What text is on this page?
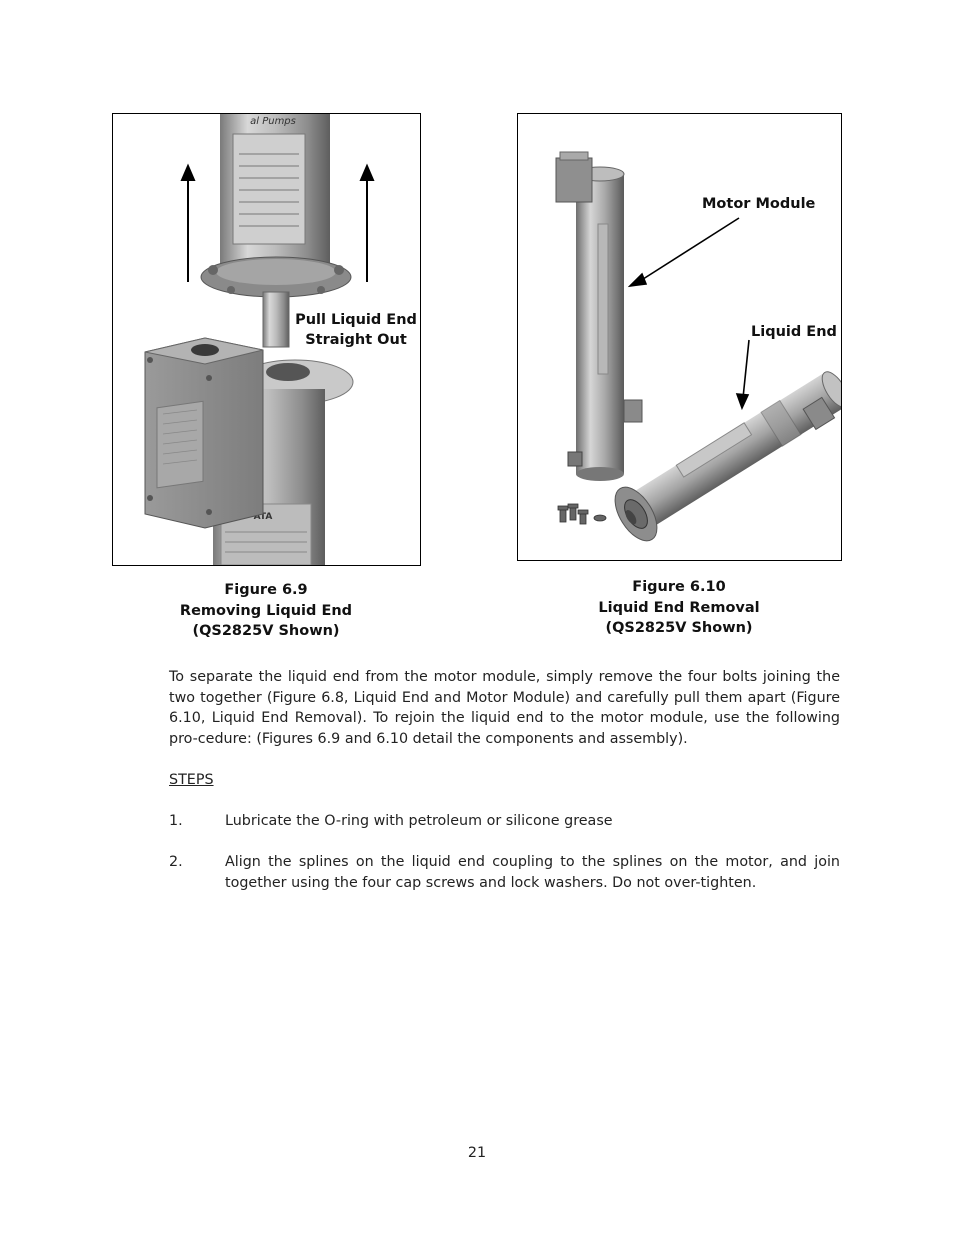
al Pumps
ATA
Pull Liquid End
Straight Out
Figure 6.9
Removing Liquid End
(QS2825V Shown)
Motor Module
Liquid End
Figure 6.10
Liquid End Removal
(QS2825V Shown)
To separate the liquid end from the motor module, simply remove the four bolts joining the two together (Figure 6.8, Liquid End and Motor Module) and carefully pull them apart (Figure 6.10, Liquid End Removal). To rejoin the liquid end to the motor module, use the following pro-cedure: (Figures 6.9 and 6.10 detail the components and assembly).
STEPS
1.	Lubricate the O-ring with petroleum or silicone grease
2.	Align the splines on the liquid end coupling to the splines on the motor, and join together using the four cap screws and lock washers. Do not over-tighten.
21
